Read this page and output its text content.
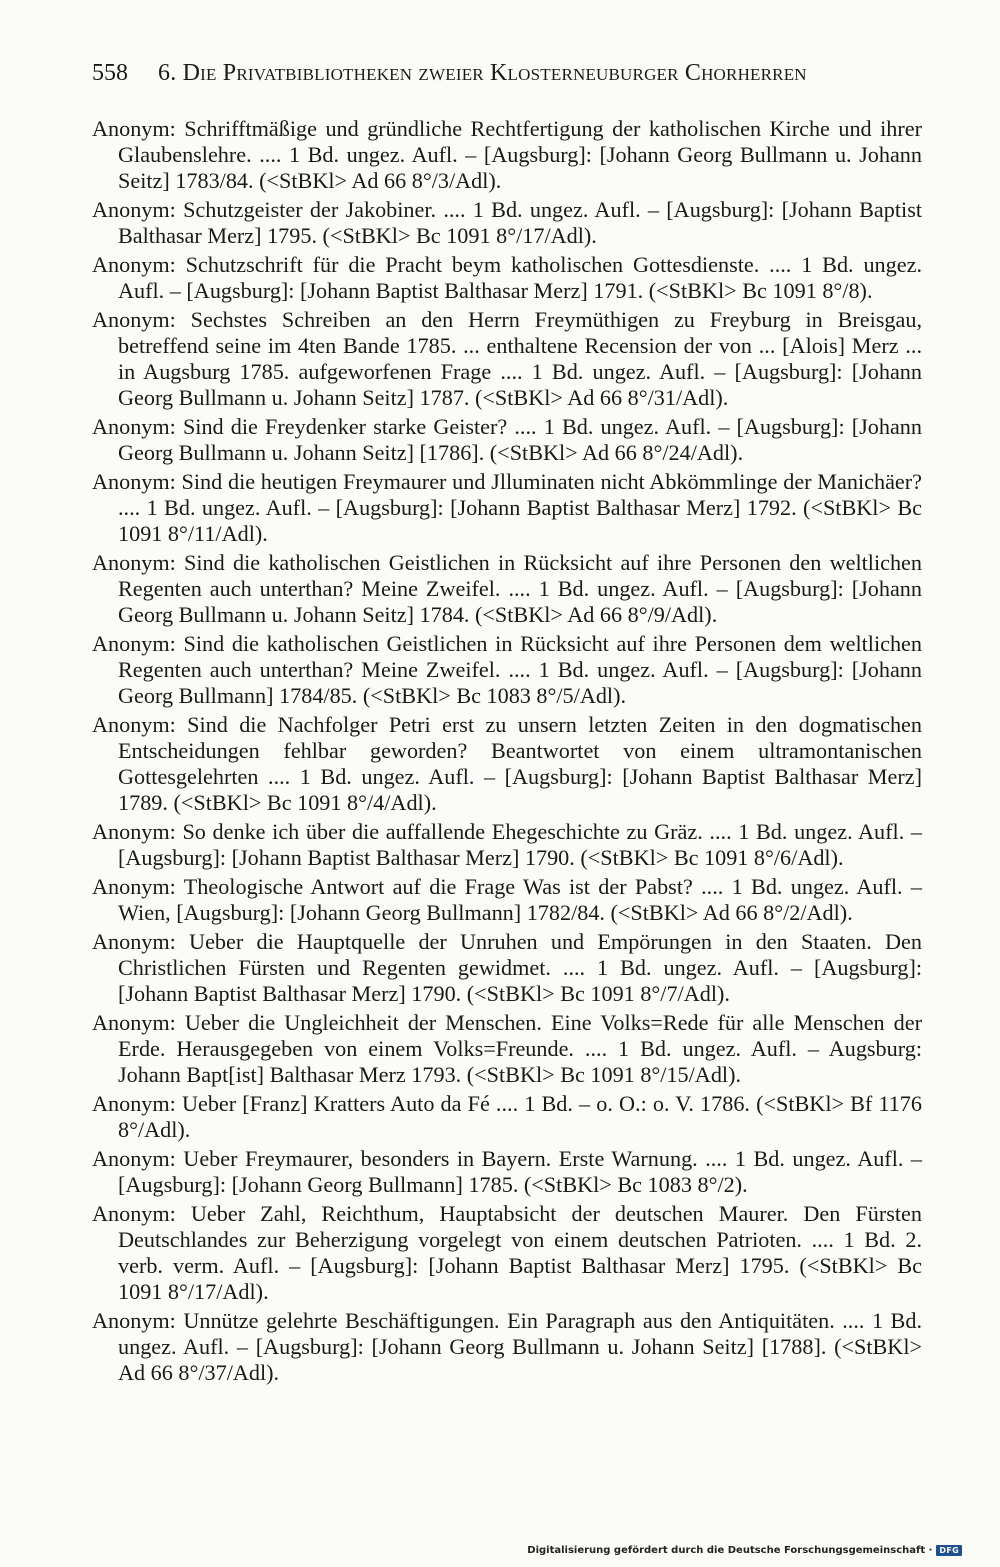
558 6. Die Privatbibliotheken zweier Klosterneuburger Chorherren

Anonym: Schrifftmäßige und gründliche Rechtfertigung der katholischen Kirche und ihrer Glaubenslehre. .... 1 Bd. ungez. Aufl. – [Augsburg]: [Johann Georg Bullmann u. Johann Seitz] 1783/84. (<StBKl> Ad 66 8°/3/Adl).

Anonym: Schutzgeister der Jakobiner. .... 1 Bd. ungez. Aufl. – [Augsburg]: [Johann Baptist Balthasar Merz] 1795. (<StBKl> Bc 1091 8°/17/Adl).

Anonym: Schutzschrift für die Pracht beym katholischen Gottesdienste. .... 1 Bd. ungez. Aufl. – [Augsburg]: [Johann Baptist Balthasar Merz] 1791. (<StBKl> Bc 1091 8°/8).

Anonym: Sechstes Schreiben an den Herrn Freymüthigen zu Freyburg in Breisgau, betreffend seine im 4ten Bande 1785. ... enthaltene Recension der von ... [Alois] Merz ... in Augsburg 1785. aufgeworfenen Frage .... 1 Bd. ungez. Aufl. – [Augsburg]: [Johann Georg Bullmann u. Johann Seitz] 1787. (<StBKl> Ad 66 8°/31/Adl).

Anonym: Sind die Freydenker starke Geister? .... 1 Bd. ungez. Aufl. – [Augsburg]: [Johann Georg Bullmann u. Johann Seitz] [1786]. (<StBKl> Ad 66 8°/24/Adl).

Anonym: Sind die heutigen Freymaurer und Jlluminaten nicht Abkömmlinge der Manichäer? .... 1 Bd. ungez. Aufl. – [Augsburg]: [Johann Baptist Balthasar Merz] 1792. (<StBKl> Bc 1091 8°/11/Adl).

Anonym: Sind die katholischen Geistlichen in Rücksicht auf ihre Personen den weltlichen Regenten auch unterthan? Meine Zweifel. .... 1 Bd. ungez. Aufl. – [Augsburg]: [Johann Georg Bullmann u. Johann Seitz] 1784. (<StBKl> Ad 66 8°/9/Adl).

Anonym: Sind die katholischen Geistlichen in Rücksicht auf ihre Personen dem weltlichen Regenten auch unterthan? Meine Zweifel. .... 1 Bd. ungez. Aufl. – [Augsburg]: [Johann Georg Bullmann] 1784/85. (<StBKl> Bc 1083 8°/5/Adl).

Anonym: Sind die Nachfolger Petri erst zu unsern letzten Zeiten in den dogmatischen Entscheidungen fehlbar geworden? Beantwortet von einem ultramontanischen Gottesgelehrten .... 1 Bd. ungez. Aufl. – [Augsburg]: [Johann Baptist Balthasar Merz] 1789. (<StBKl> Bc 1091 8°/4/Adl).

Anonym: So denke ich über die auffallende Ehegeschichte zu Gräz. .... 1 Bd. ungez. Aufl. – [Augsburg]: [Johann Baptist Balthasar Merz] 1790. (<StBKl> Bc 1091 8°/6/Adl).

Anonym: Theologische Antwort auf die Frage Was ist der Pabst? .... 1 Bd. ungez. Aufl. – Wien, [Augsburg]: [Johann Georg Bullmann] 1782/84. (<StBKl> Ad 66 8°/2/Adl).

Anonym: Ueber die Hauptquelle der Unruhen und Empörungen in den Staaten. Den Christlichen Fürsten und Regenten gewidmet. .... 1 Bd. ungez. Aufl. – [Augsburg]: [Johann Baptist Balthasar Merz] 1790. (<StBKl> Bc 1091 8°/7/Adl).

Anonym: Ueber die Ungleichheit der Menschen. Eine Volks=Rede für alle Menschen der Erde. Herausgegeben von einem Volks=Freunde. .... 1 Bd. ungez. Aufl. – Augsburg: Johann Bapt[ist] Balthasar Merz 1793. (<StBKl> Bc 1091 8°/15/Adl).

Anonym: Ueber [Franz] Kratters Auto da Fé .... 1 Bd. – o. O.: o. V. 1786. (<StBKl> Bf 1176 8°/Adl).

Anonym: Ueber Freymaurer, besonders in Bayern. Erste Warnung. .... 1 Bd. ungez. Aufl. – [Augsburg]: [Johann Georg Bullmann] 1785. (<StBKl> Bc 1083 8°/2).

Anonym: Ueber Zahl, Reichthum, Hauptabsicht der deutschen Maurer. Den Fürsten Deutschlandes zur Beherzigung vorgelegt von einem deutschen Patrioten. .... 1 Bd. 2. verb. verm. Aufl. – [Augsburg]: [Johann Baptist Balthasar Merz] 1795. (<StBKl> Bc 1091 8°/17/Adl).

Anonym: Unnütze gelehrte Beschäftigungen. Ein Paragraph aus den Antiquitäten. .... 1 Bd. ungez. Aufl. – [Augsburg]: [Johann Georg Bullmann u. Johann Seitz] [1788]. (<StBKl> Ad 66 8°/37/Adl).

Digitalisierung gefördert durch die Deutsche Forschungsgemeinschaft · DFG
